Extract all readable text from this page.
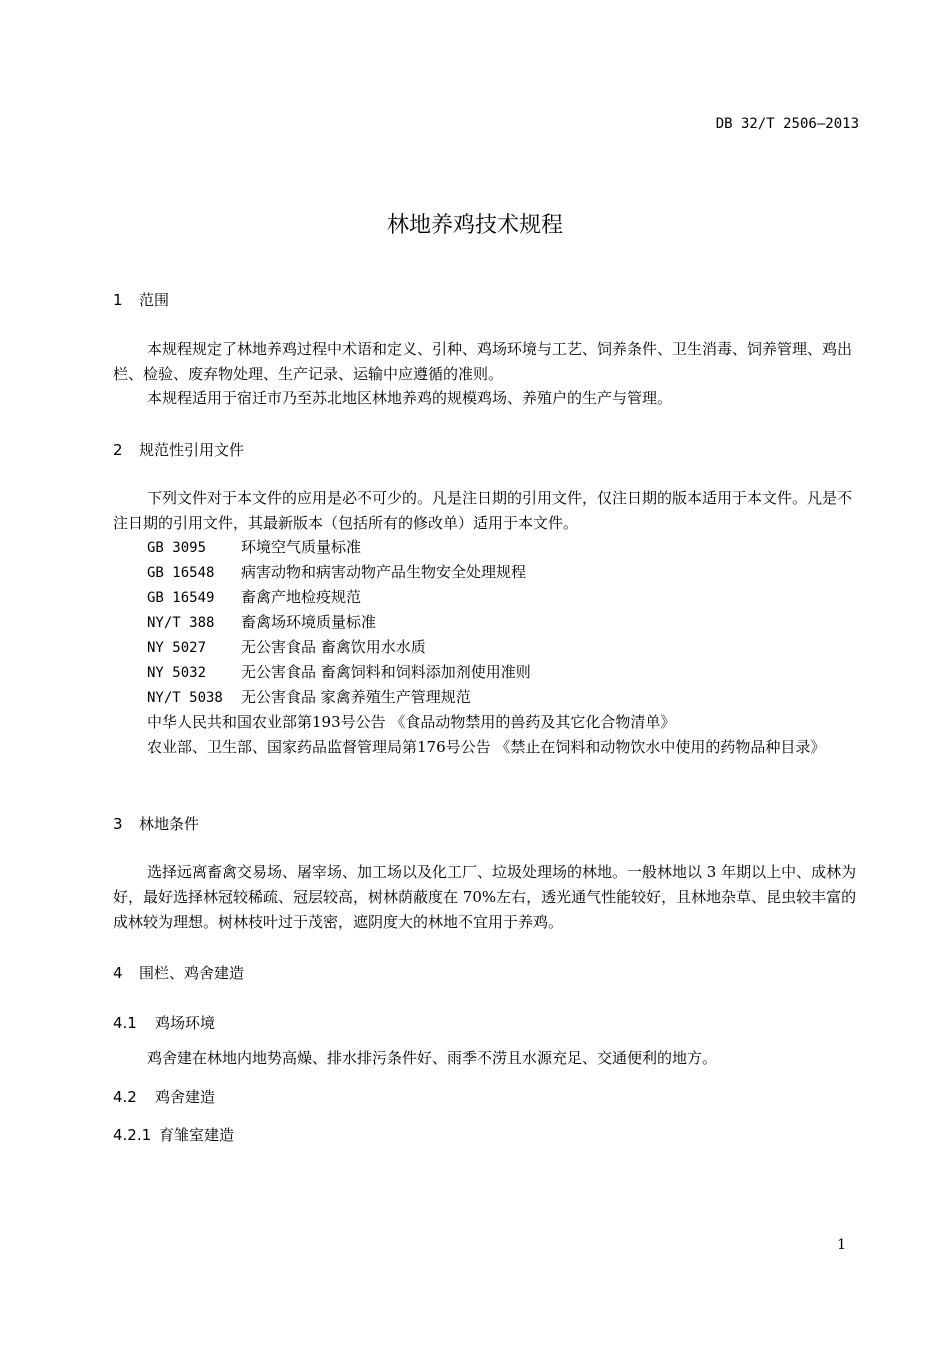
DB 32/T 2506—2013
林地养鸡技术规程
1 范围

本规程规定了林地养鸡过程中术语和定义、引种、鸡场环境与工艺、饲养条件、卫生消毒、饲养管理、鸡出栏、检验、废弃物处理、生产记录、运输中应遵循的准则。

本规程适用于宿迁市乃至苏北地区林地养鸡的规模鸡场、养殖户的生产与管理。
2 规范性引用文件

下列文件对于本文件的应用是必不可少的。凡是注日期的引用文件，仅注日期的版本适用于本文件。凡是不注日期的引用文件，其最新版本（包括所有的修改单）适用于本文件。

GB 3095 环境空气质量标准
GB 16548 病害动物和病害动物产品生物安全处理规程
GB 16549 畜禽产地检疫规范
NY/T 388 畜禽场环境质量标准
NY 5027 无公害食品 畜禽饮用水水质
NY 5032 无公害食品 畜禽饲料和饲料添加剂使用准则
NY/T 5038 无公害食品 家禽养殖生产管理规范
中华人民共和国农业部第193号公告 《食品动物禁用的兽药及其它化合物清单》

农业部、卫生部、国家药品监督管理局第176号公告 《禁止在饲料和动物饮水中使用的药物品种目录》

3 林地条件

选择远离畜禽交易场、屠宰场、加工场以及化工厂、垃圾处理场的林地。一般林地以 3 年期以上中、成林为好，最好选择林冠较稀疏、冠层较高，树林荫蔽度在 70%左右，透光通气性能较好，且林地杂草、昆虫较丰富的成林较为理想。树林枝叶过于茂密，遮阴度大的林地不宜用于养鸡。

4 围栏、鸡舍建造
4.1 鸡场环境
鸡舍建在林地内地势高燥、排水排污条件好、雨季不涝且水源充足、交通便利的地方。
4.2 鸡舍建造
4.2.1 育雏室建造
1
